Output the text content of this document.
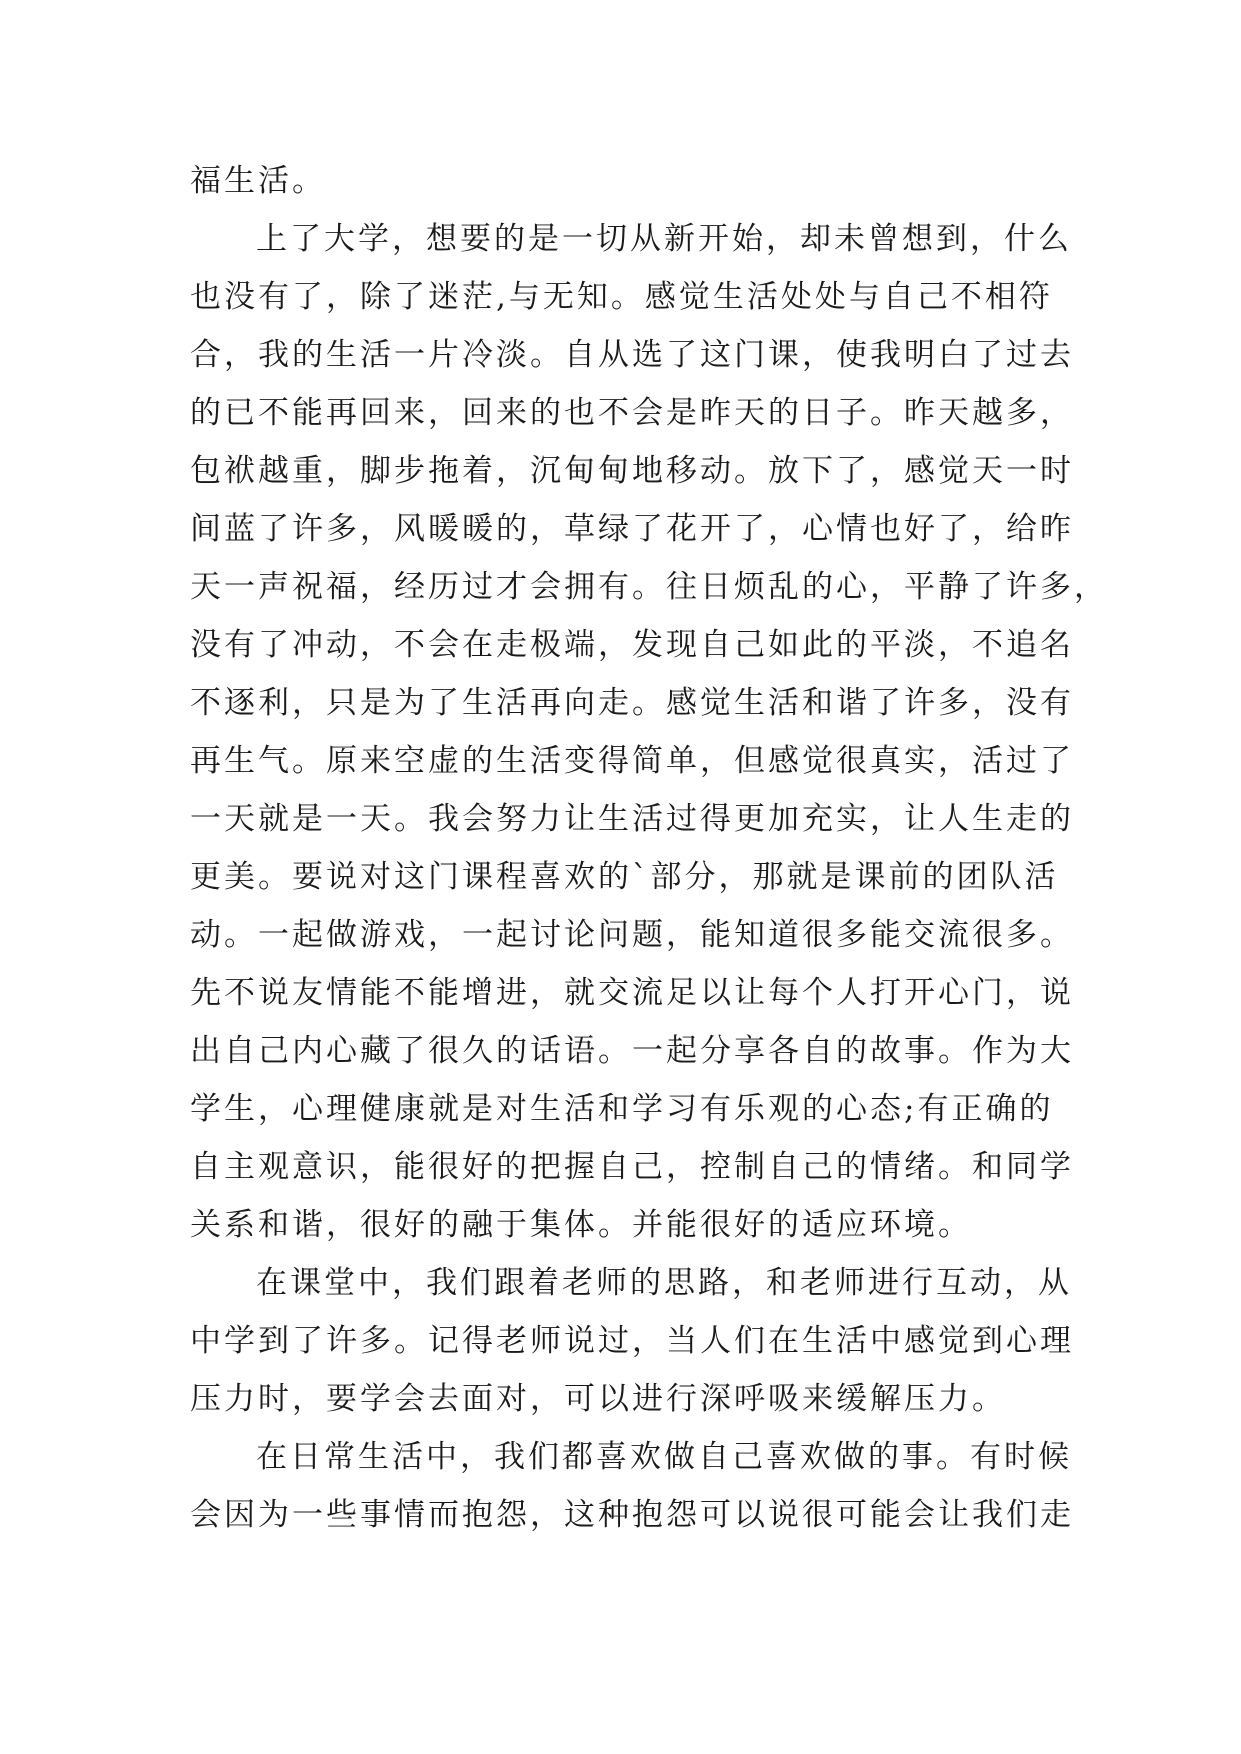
福生活。
上了大学，想要的是一切从新开始，却未曾想到，什么
也没有了，除了迷茫,与无知。感觉生活处处与自己不相符
合，我的生活一片冷淡。自从选了这门课，使我明白了过去
的已不能再回来，回来的也不会是昨天的日子。昨天越多，
包袱越重，脚步拖着，沉甸甸地移动。放下了，感觉天一时
间蓝了许多，风暖暖的，草绿了花开了，心情也好了，给昨
天一声祝福，经历过才会拥有。往日烦乱的心，平静了许多，
没有了冲动，不会在走极端，发现自己如此的平淡，不追名
不逐利，只是为了生活再向走。感觉生活和谐了许多，没有
再生气。原来空虚的生活变得简单，但感觉很真实，活过了
一天就是一天。我会努力让生活过得更加充实，让人生走的
更美。要说对这门课程喜欢的`部分，那就是课前的团队活
动。一起做游戏，一起讨论问题，能知道很多能交流很多。
先不说友情能不能增进，就交流足以让每个人打开心门，说
出自己内心藏了很久的话语。一起分享各自的故事。作为大
学生，心理健康就是对生活和学习有乐观的心态;有正确的
自主观意识，能很好的把握自己，控制自己的情绪。和同学
关系和谐，很好的融于集体。并能很好的适应环境。
在课堂中，我们跟着老师的思路，和老师进行互动，从
中学到了许多。记得老师说过，当人们在生活中感觉到心理
压力时，要学会去面对，可以进行深呼吸来缓解压力。
在日常生活中，我们都喜欢做自己喜欢做的事。有时候
会因为一些事情而抱怨，这种抱怨可以说很可能会让我们走
